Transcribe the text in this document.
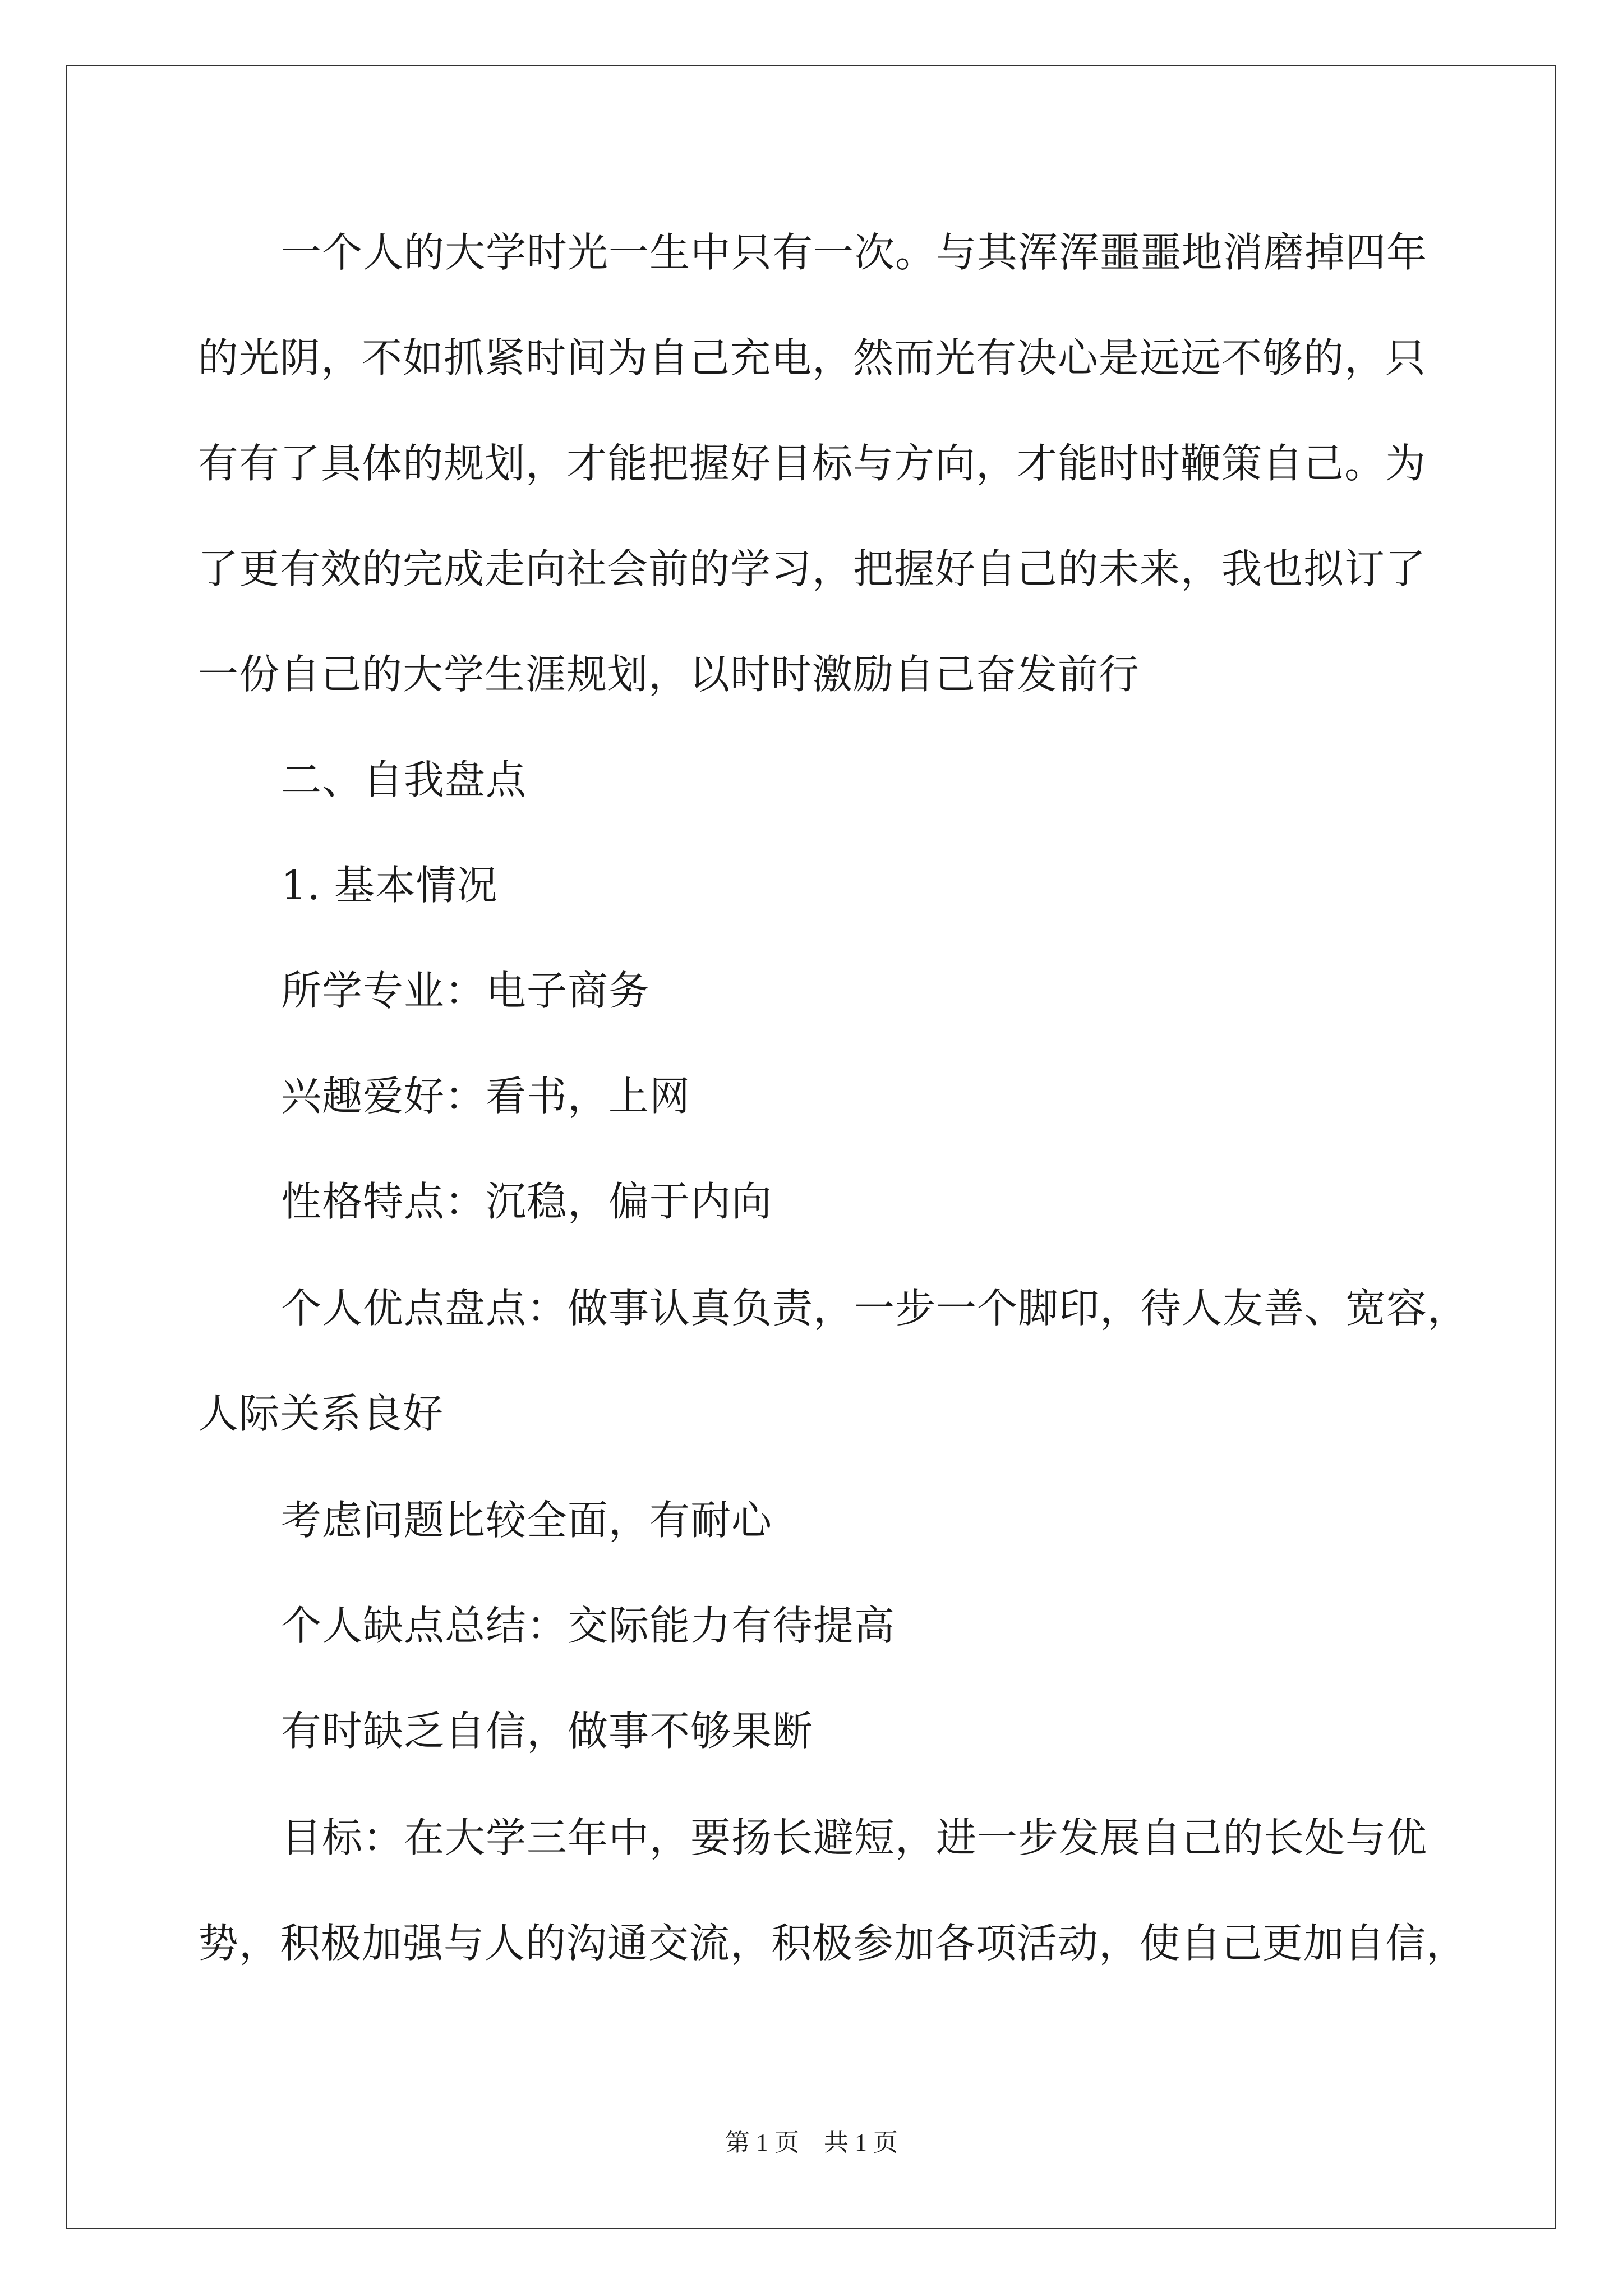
一个人的大学时光一生中只有一次。与其浑浑噩噩地消磨掉四年
的光阴，不如抓紧时间为自己充电，然而光有决心是远远不够的，只
有有了具体的规划，才能把握好目标与方向，才能时时鞭策自己。为
了更有效的完成走向社会前的学习，把握好自己的未来，我也拟订了
一份自己的大学生涯规划，以时时激励自己奋发前行
二、自我盘点
1. 基本情况
所学专业：电子商务
兴趣爱好：看书，上网
性格特点：沉稳，偏于内向
个人优点盘点：做事认真负责，一步一个脚印，待人友善、宽容，
人际关系良好
考虑问题比较全面，有耐心
个人缺点总结：交际能力有待提高
有时缺乏自信，做事不够果断
目标：在大学三年中，要扬长避短，进一步发展自己的长处与优
势，积极加强与人的沟通交流，积极参加各项活动，使自己更加自信，
第 1 页　共 1 页
